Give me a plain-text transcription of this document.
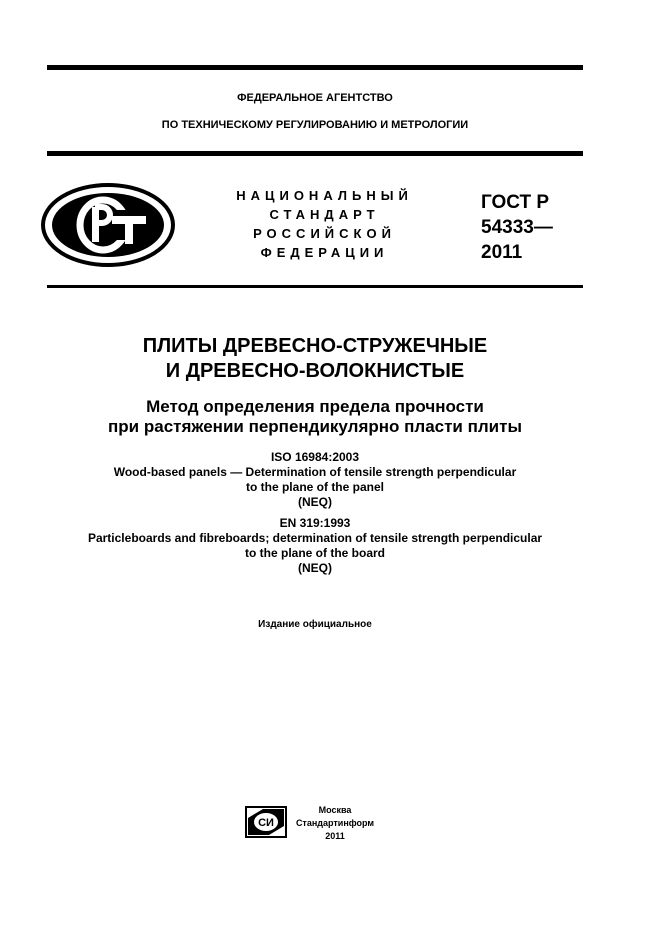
ФЕДЕРАЛЬНОЕ АГЕНТСТВО
ПО ТЕХНИЧЕСКОМУ РЕГУЛИРОВАНИЮ И МЕТРОЛОГИИ
НАЦИОНАЛЬНЫЙ
СТАНДАРТ
РОССИЙСКОЙ
ФЕДЕРАЦИИ
ГОСТ Р
54333—
2011
ПЛИТЫ ДРЕВЕСНО-СТРУЖЕЧНЫЕ
И ДРЕВЕСНО-ВОЛОКНИСТЫЕ
Метод определения предела прочности
при растяжении перпендикулярно пласти плиты
ISO 16984:2003
Wood-based panels — Determination of tensile strength perpendicular
to the plane of the panel
(NEQ)
EN 319:1993
Particleboards and fibreboards; determination of tensile strength perpendicular
to the plane of the board
(NEQ)
Издание официальное
СИ
Москва
Стандартинформ
2011
